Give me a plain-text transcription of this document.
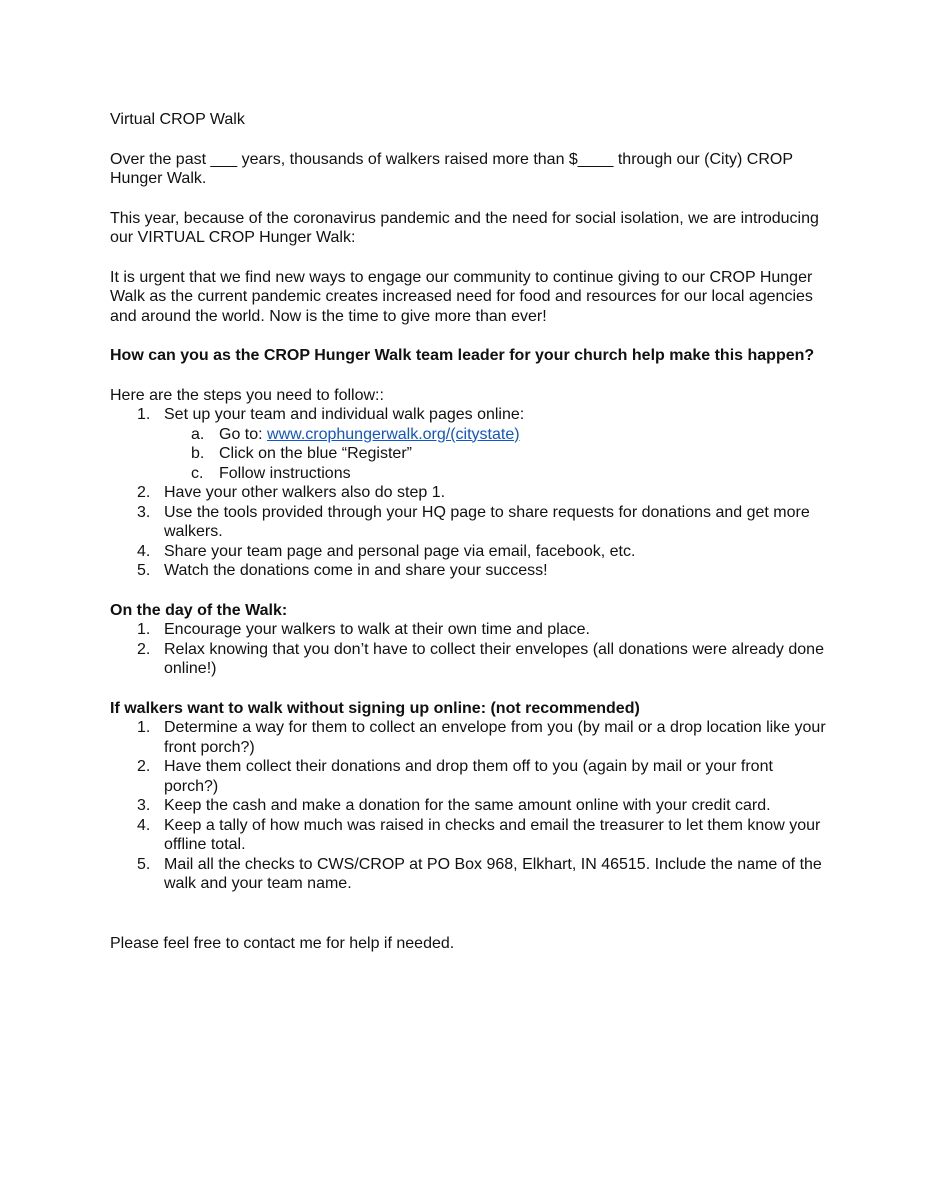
Virtual CROP Walk

Over the past ___ years, thousands of walkers raised more than $____ through our (City) CROP Hunger Walk.

This year, because of the coronavirus pandemic and the need for social isolation, we are introducing our VIRTUAL CROP Hunger Walk:

It is urgent that we find new ways to engage our community to continue giving to our CROP Hunger Walk as the current pandemic creates increased need for food and resources for our local agencies and around the world. Now is the time to give more than ever!

How can you as the CROP Hunger Walk team leader for your church help make this happen?

Here are the steps you need to follow::

1. Set up your team and individual walk pages online:
a. Go to: www.crophungerwalk.org/(citystate)
b. Click on the blue “Register”
c. Follow instructions
2. Have your other walkers also do step 1.
3. Use the tools provided through your HQ page to share requests for donations and get more walkers.
4. Share your team page and personal page via email, facebook, etc.
5. Watch the donations come in and share your success!

On the day of the Walk:

1. Encourage your walkers to walk at their own time and place.
2. Relax knowing that you don’t have to collect their envelopes (all donations were already done online!)

If walkers want to walk without signing up online: (not recommended)

1. Determine a way for them to collect an envelope from you (by mail or a drop location like your front porch?)
2. Have them collect their donations and drop them off to you (again by mail or your front porch?)
3. Keep the cash and make a donation for the same amount online with your credit card.
4. Keep a tally of how much was raised in checks and email the treasurer to let them know your offline total.
5. Mail all the checks to CWS/CROP at PO Box 968, Elkhart, IN 46515. Include the name of the walk and your team name.

Please feel free to contact me for help if needed.
